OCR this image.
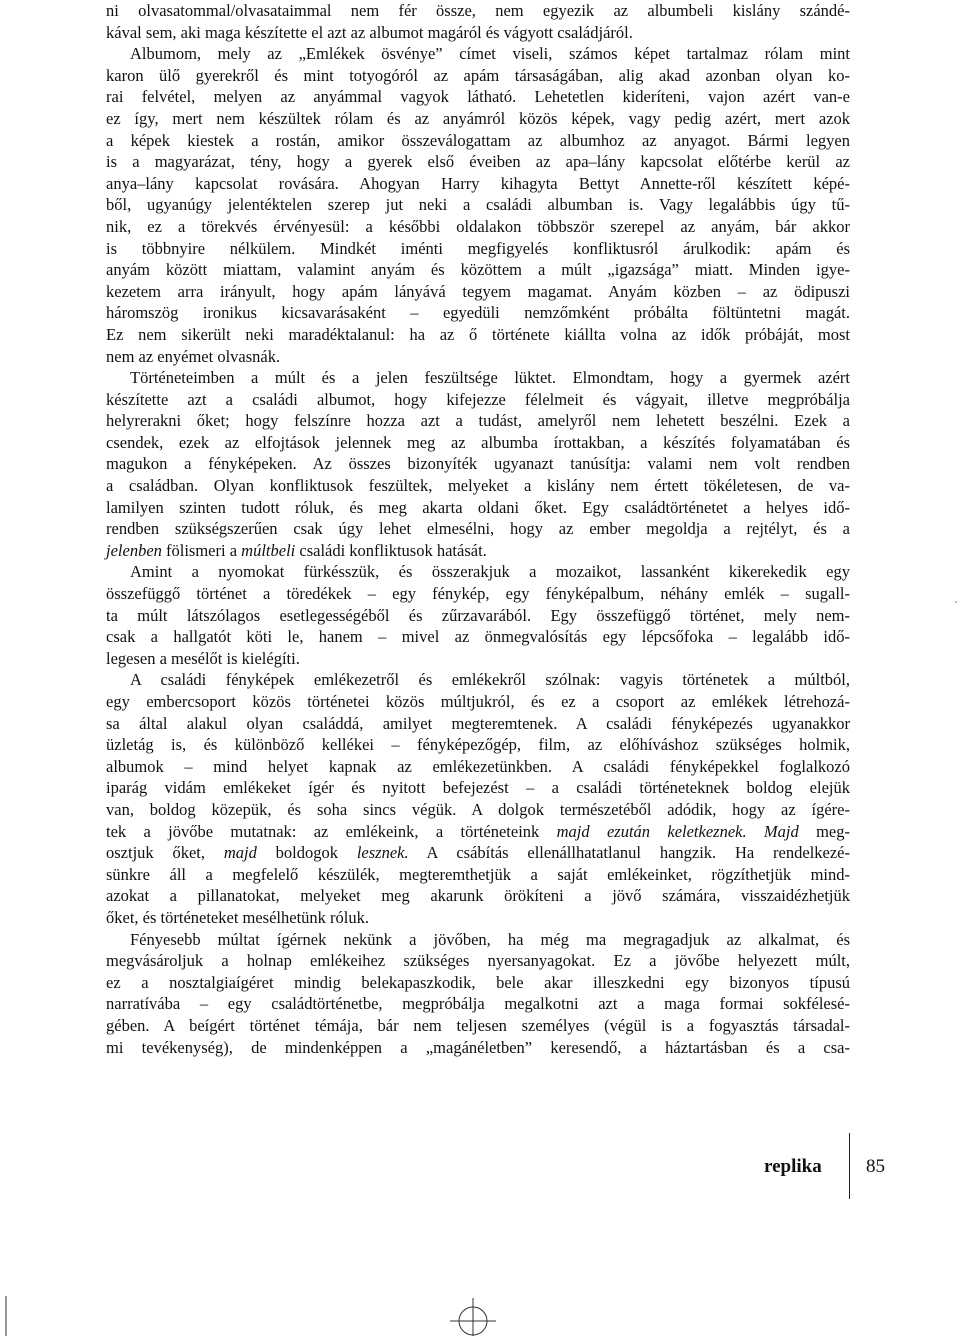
ni olvasatommal/olvasataimmal nem fér össze, nem egyezik az albumbeli kislány szándé-
kával sem, aki maga készítette el azt az albumot magáról és vágyott családjáról.
Albumom, mely az „Emlékek ösvénye” címet viseli, számos képet tartalmaz rólam mint
karon ülő gyerekről és mint totyogóról az apám társaságában, alig akad azonban olyan ko-
rai felvétel, melyen az anyámmal vagyok látható. Lehetetlen kideríteni, vajon azért van-e
ez így, mert nem készültek rólam és az anyámról közös képek, vagy pedig azért, mert azok
a képek kiestek a rostán, amikor összeválogattam az albumhoz az anyagot. Bármi legyen
is a magyarázat, tény, hogy a gyerek első éveiben az apa–lány kapcsolat előtérbe kerül az
anya–lány kapcsolat rovására. Ahogyan Harry kihagyta Bettyt Annette-ről készített képé-
ből, ugyanúgy jelentéktelen szerep jut neki a családi albumban is. Vagy legalábbis úgy tű-
nik, ez a törekvés érvényesül: a későbbi oldalakon többször szerepel az anyám, bár akkor
is többnyire nélkülem. Mindkét iménti megfigyelés konfliktusról árulkodik: apám és
anyám között miattam, valamint anyám és közöttem a múlt „igazsága” miatt. Minden igye-
kezetem arra irányult, hogy apám lányává tegyem magamat. Anyám közben – az ödipuszi
háromszög ironikus kicsavarásaként – egyedüli nemzőmként próbálta föltüntetni magát.
Ez nem sikerült neki maradéktalanul: ha az ő története kiállta volna az idők próbáját, most
nem az enyémet olvasnák.
Történeteimben a múlt és a jelen feszültsége lüktet. Elmondtam, hogy a gyermek azért
készítette azt a családi albumot, hogy kifejezze félelmeit és vágyait, illetve megpróbálja
helyrerakni őket; hogy felszínre hozza azt a tudást, amelyről nem lehetett beszélni. Ezek a
csendek, ezek az elfojtások jelennek meg az albumba írottakban, a készítés folyamatában és
magukon a fényképeken. Az összes bizonyíték ugyanazt tanúsítja: valami nem volt rendben
a családban. Olyan konfliktusok feszültek, melyeket a kislány nem értett tökéletesen, de va-
lamilyen szinten tudott róluk, és meg akarta oldani őket. Egy családtörténetet a helyes idő-
rendben szükségszerűen csak úgy lehet elmesélni, hogy az ember megoldja a rejtélyt, és a
jelenben fölismeri a múltbeli családi konfliktusok hatását.
Amint a nyomokat fürkésszük, és összerakjuk a mozaikot, lassanként kikerekedik egy
összefüggő történet a töredékek – egy fénykép, egy fényképalbum, néhány emlék – sugall-
ta múlt látszólagos esetlegességéből és zűrzavarából. Egy összefüggő történet, mely nem-
csak a hallgatót köti le, hanem – mivel az önmegvalósítás egy lépcsőfoka – legalább idő-
legesen a mesélőt is kielégíti.
A családi fényképek emlékezetről és emlékekről szólnak: vagyis történetek a múltból,
egy embercsoport közös történetei közös múltjukról, és ez a csoport az emlékek létrehozá-
sa által alakul olyan családdá, amilyet megteremtenek. A családi fényképezés ugyanakkor
üzletág is, és különböző kellékei – fényképezőgép, film, az előhíváshoz szükséges holmik,
albumok – mind helyet kapnak az emlékezetünkben. A családi fényképekkel foglalkozó
iparág vidám emlékeket ígér és nyitott befejezést – a családi történeteknek boldog elejük
van, boldog közepük, és soha sincs végük. A dolgok természetéből adódik, hogy az ígére-
tek a jövőbe mutatnak: az emlékeink, a történeteink majd ezután keletkeznek. Majd meg-
osztjuk őket, majd boldogok lesznek. A csábítás ellenállhatatlanul hangzik. Ha rendelkezé-
sünkre áll a megfelelő készülék, megteremthetjük a saját emlékeinket, rögzíthetjük mind-
azokat a pillanatokat, melyeket meg akarunk örökíteni a jövő számára, visszaidézhetjük
őket, és történeteket mesélhetünk róluk.
Fényesebb múltat ígérnek nekünk a jövőben, ha még ma megragadjuk az alkalmat, és
megvásároljuk a holnap emlékeihez szükséges nyersanyagokat. Ez a jövőbe helyezett múlt,
ez a nosztalgiaígéret mindig belekapaszkodik, bele akar illeszkedni egy bizonyos típusú
narratívába – egy családtörténetbe, megpróbálja megalkotni azt a maga formai sokfélesé-
gében. A beígért történet témája, bár nem teljesen személyes (végül is a fogyasztás társadal-
mi tevékenység), de mindenképpen a „magánéletben” keresendő, a háztartásban és a csa-
replika 85
